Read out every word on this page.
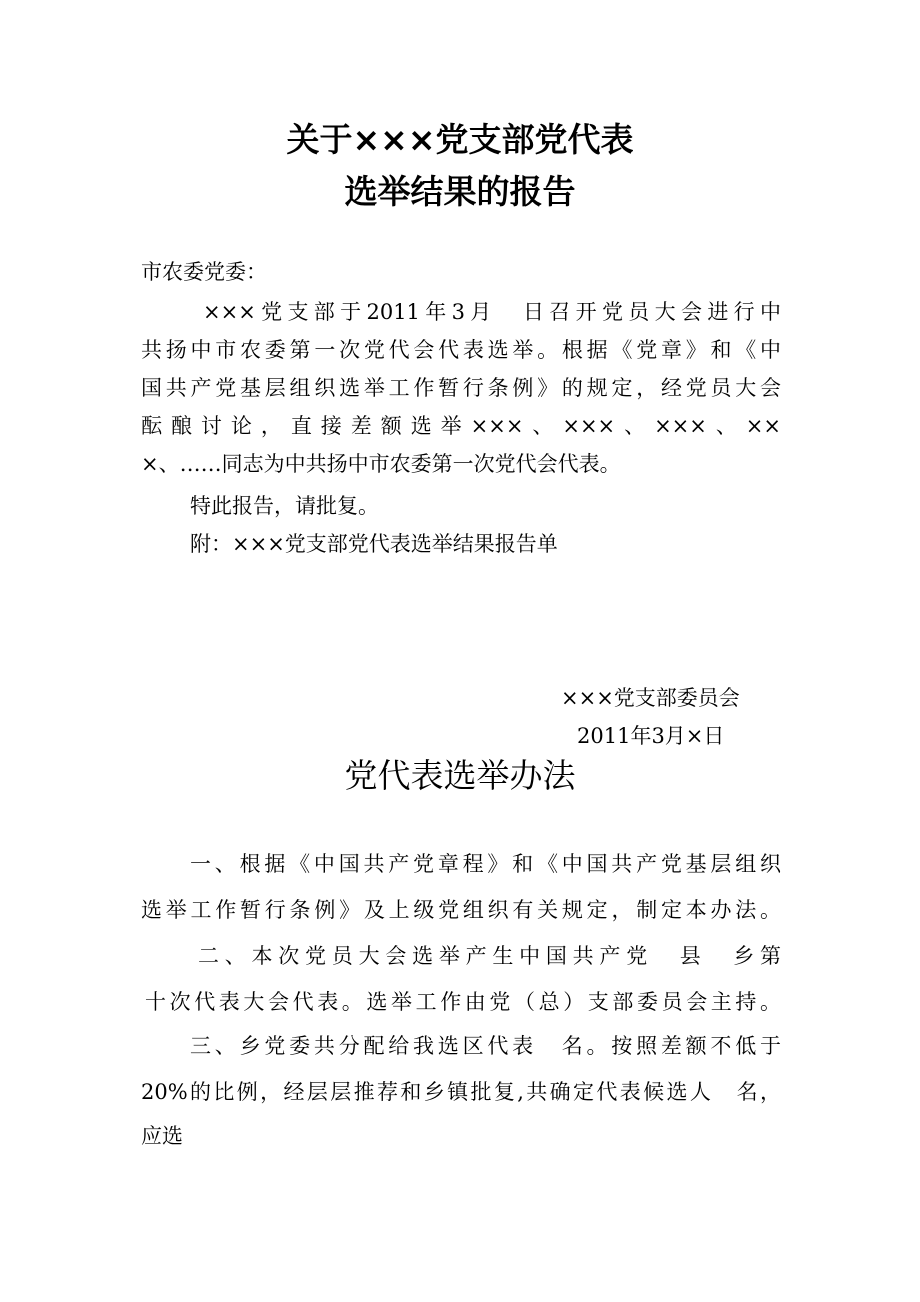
关于×××党支部党代表
选举结果的报告
市农委党委：
×××党支部于2011年3月　日召开党员大会进行中
共扬中市农委第一次党代会代表选举。根据《党章》和《中
国共产党基层组织选举工作暂行条例》的规定，经党员大会
酝酿讨论，直接差额选举×××、×××、×××、××
×、……同志为中共扬中市农委第一次党代会代表。
特此报告，请批复。
附：×××党支部党代表选举结果报告单
×××党支部委员会
2011年3月×日
党代表选举办法
一、根据《中国共产党章程》和《中国共产党基层组织
选举工作暂行条例》及上级党组织有关规定，制定本办法。
二、本次党员大会选举产生中国共产党　县　乡第
十次代表大会代表。选举工作由党（总）支部委员会主持。
三、乡党委共分配给我选区代表　名。按照差额不低于
20%的比例，经层层推荐和乡镇批复,共确定代表候选人　名，
应选
